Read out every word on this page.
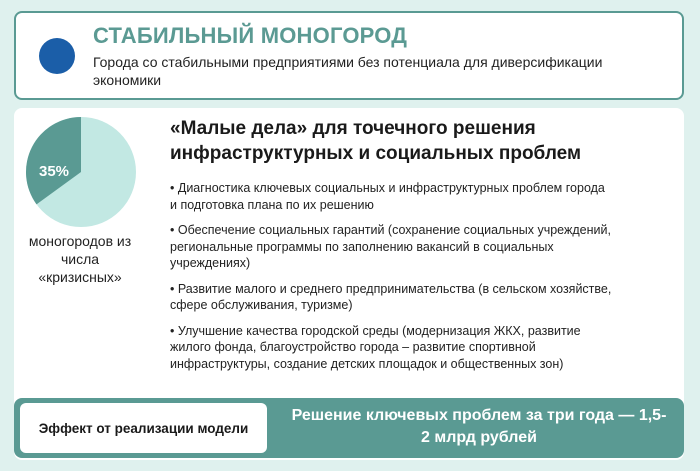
СТАБИЛЬНЫЙ МОНОГОРОД
Города со стабильными предприятиями без потенциала для диверсификации экономики
35%
моногородов из числа «кризисных»
«Малые дела» для точечного решения инфраструктурных и социальных проблем
• Диагностика ключевых социальных и инфраструктурных проблем города и подготовка плана по их решению
• Обеспечение социальных гарантий (сохранение социальных учреждений, региональные программы по заполнению вакансий в социальных учреждениях)
• Развитие малого и среднего предпринимательства (в сельском хозяйстве, сфере обслуживания, туризме)
• Улучшение качества городской среды (модернизация ЖКХ, развитие жилого фонда, благоустройство города – развитие спортивной инфраструктуры, создание детских площадок и общественных зон)
Эффект от реализации модели
Решение ключевых проблем за три года — 1,5-2 млрд рублей
